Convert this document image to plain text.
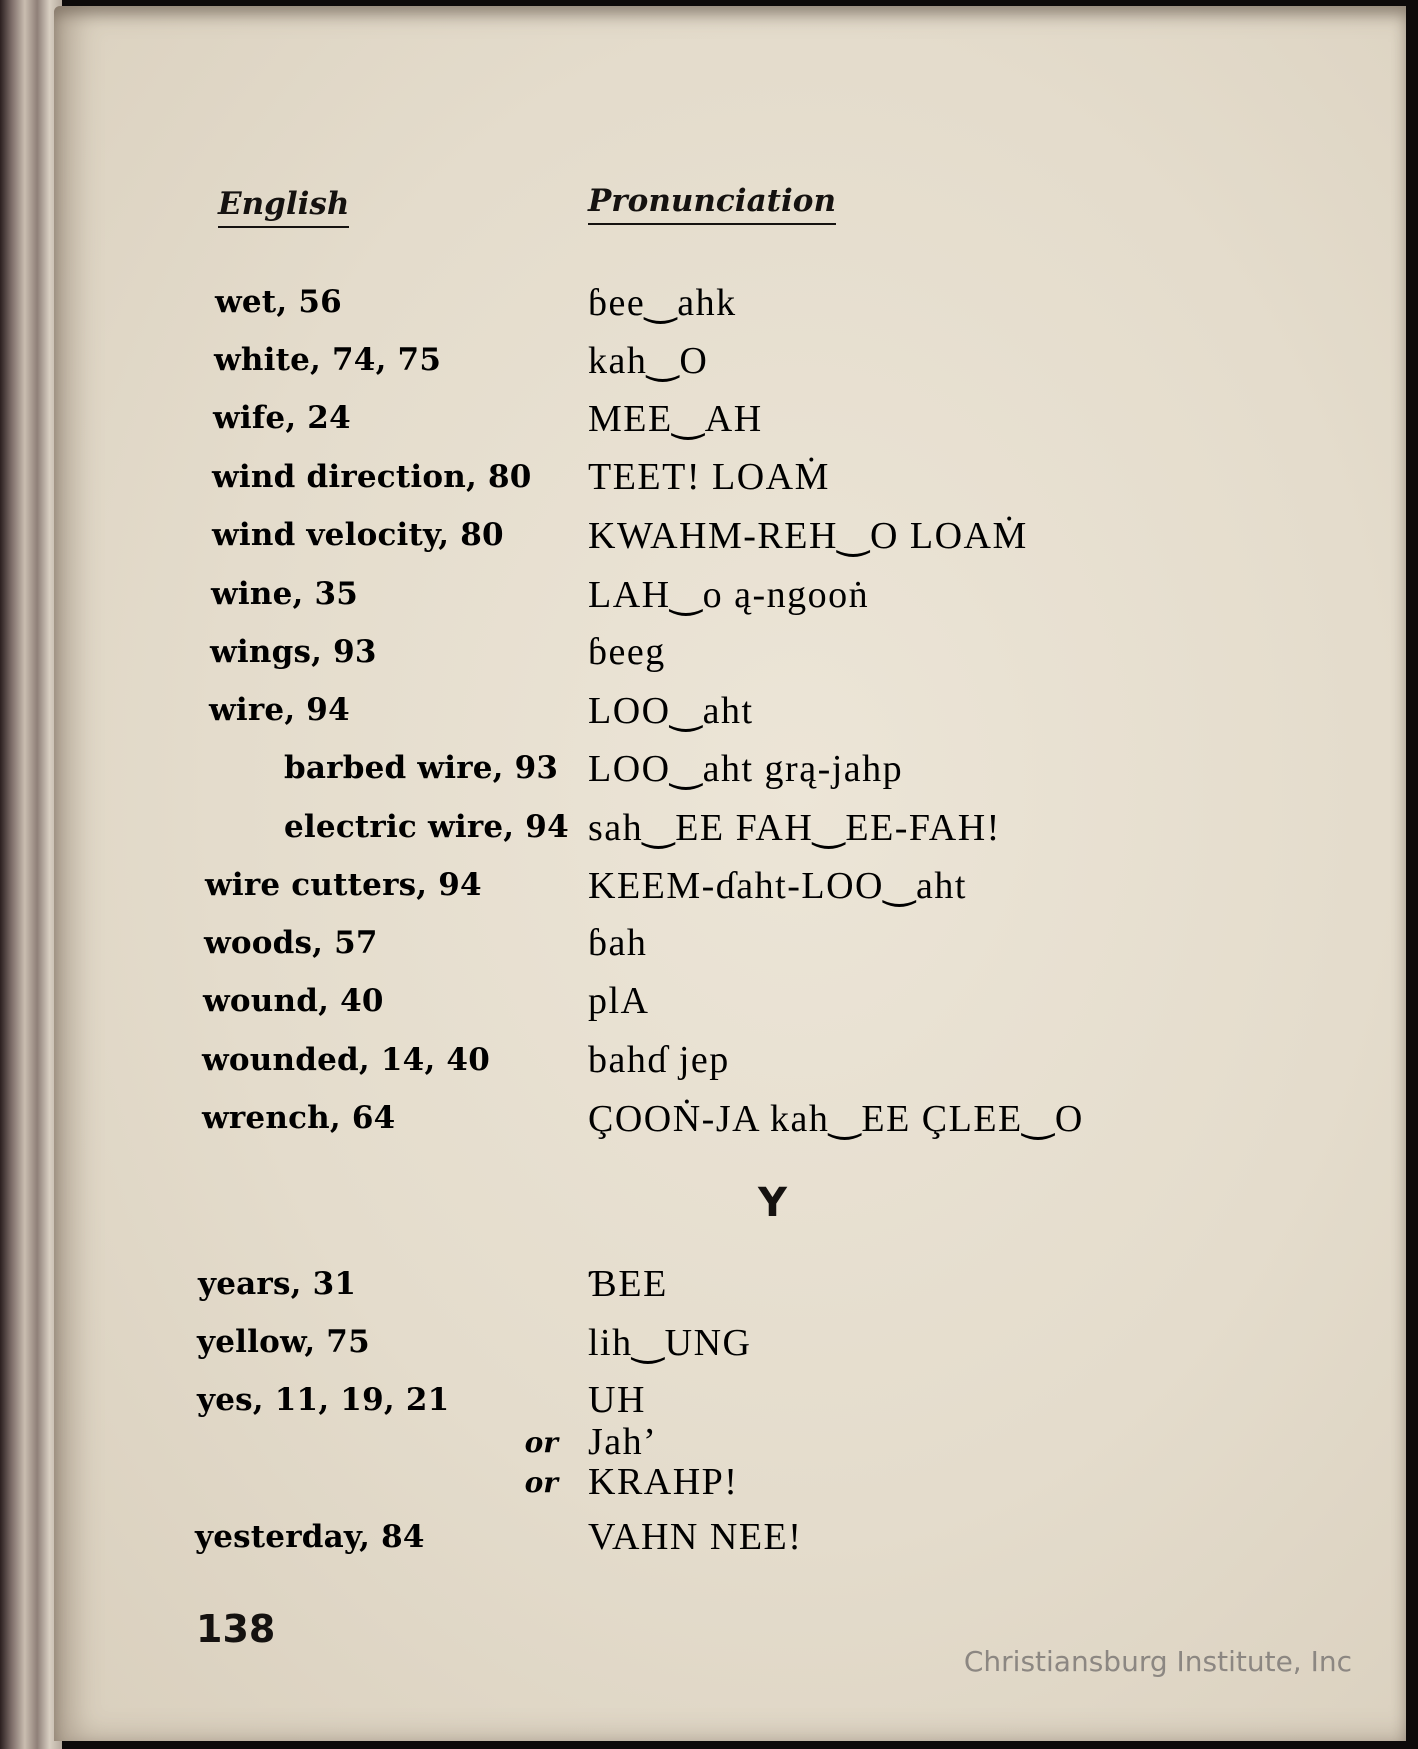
English	Pronunciation
wet, 56	ɓee‿ahk
white, 74, 75	kah‿O
wife, 24	MEE‿AH
wind direction, 80 TEET! LOAṀ
wind velocity, 80 KWAHM-REH‿O LOAṀ
wine, 35	LAH‿o ą-ngooṅ
wings, 93	ɓeeg
wire, 94	LOO‿aht
barbed wire, 93 LOO‿aht grą-jahp
electric wire, 94 sah‿EE FAH‿EE-FAH!
wire cutters, 94	KEEM-ɗaht-LOO‿aht
woods, 57	ɓah
wound, 40	plA
wounded, 14, 40	bahɗ jep
wrench, 64	ÇOOṄ-JA kah‿EE ÇLEE‿O
Y
years, 31	ƁEE
yellow, 75	lih‿UNG
yes, 11, 19, 21	UH
or Jah’
or KRAHP!
yesterday, 84	VAHN NEE!
138
Christiansburg Institute, Inc
